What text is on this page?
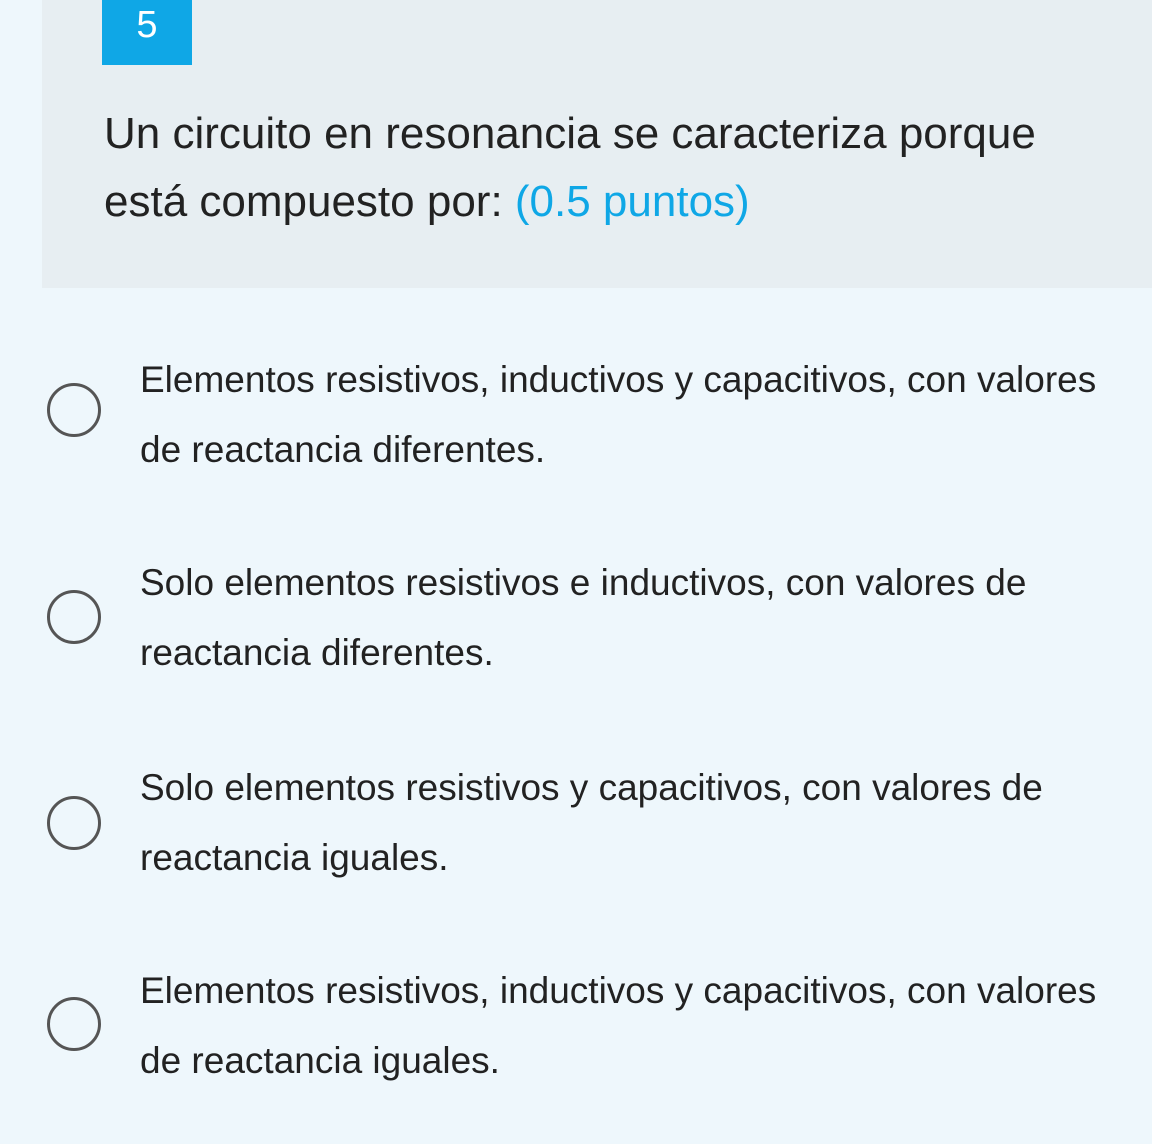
5
Un circuito en resonancia se caracteriza porque está compuesto por: (0.5 puntos)
Elementos resistivos, inductivos y capacitivos, con valores de reactancia diferentes.
Solo elementos resistivos e inductivos, con valores de reactancia diferentes.
Solo elementos resistivos y capacitivos, con valores de reactancia iguales.
Elementos resistivos, inductivos y capacitivos, con valores de reactancia iguales.
